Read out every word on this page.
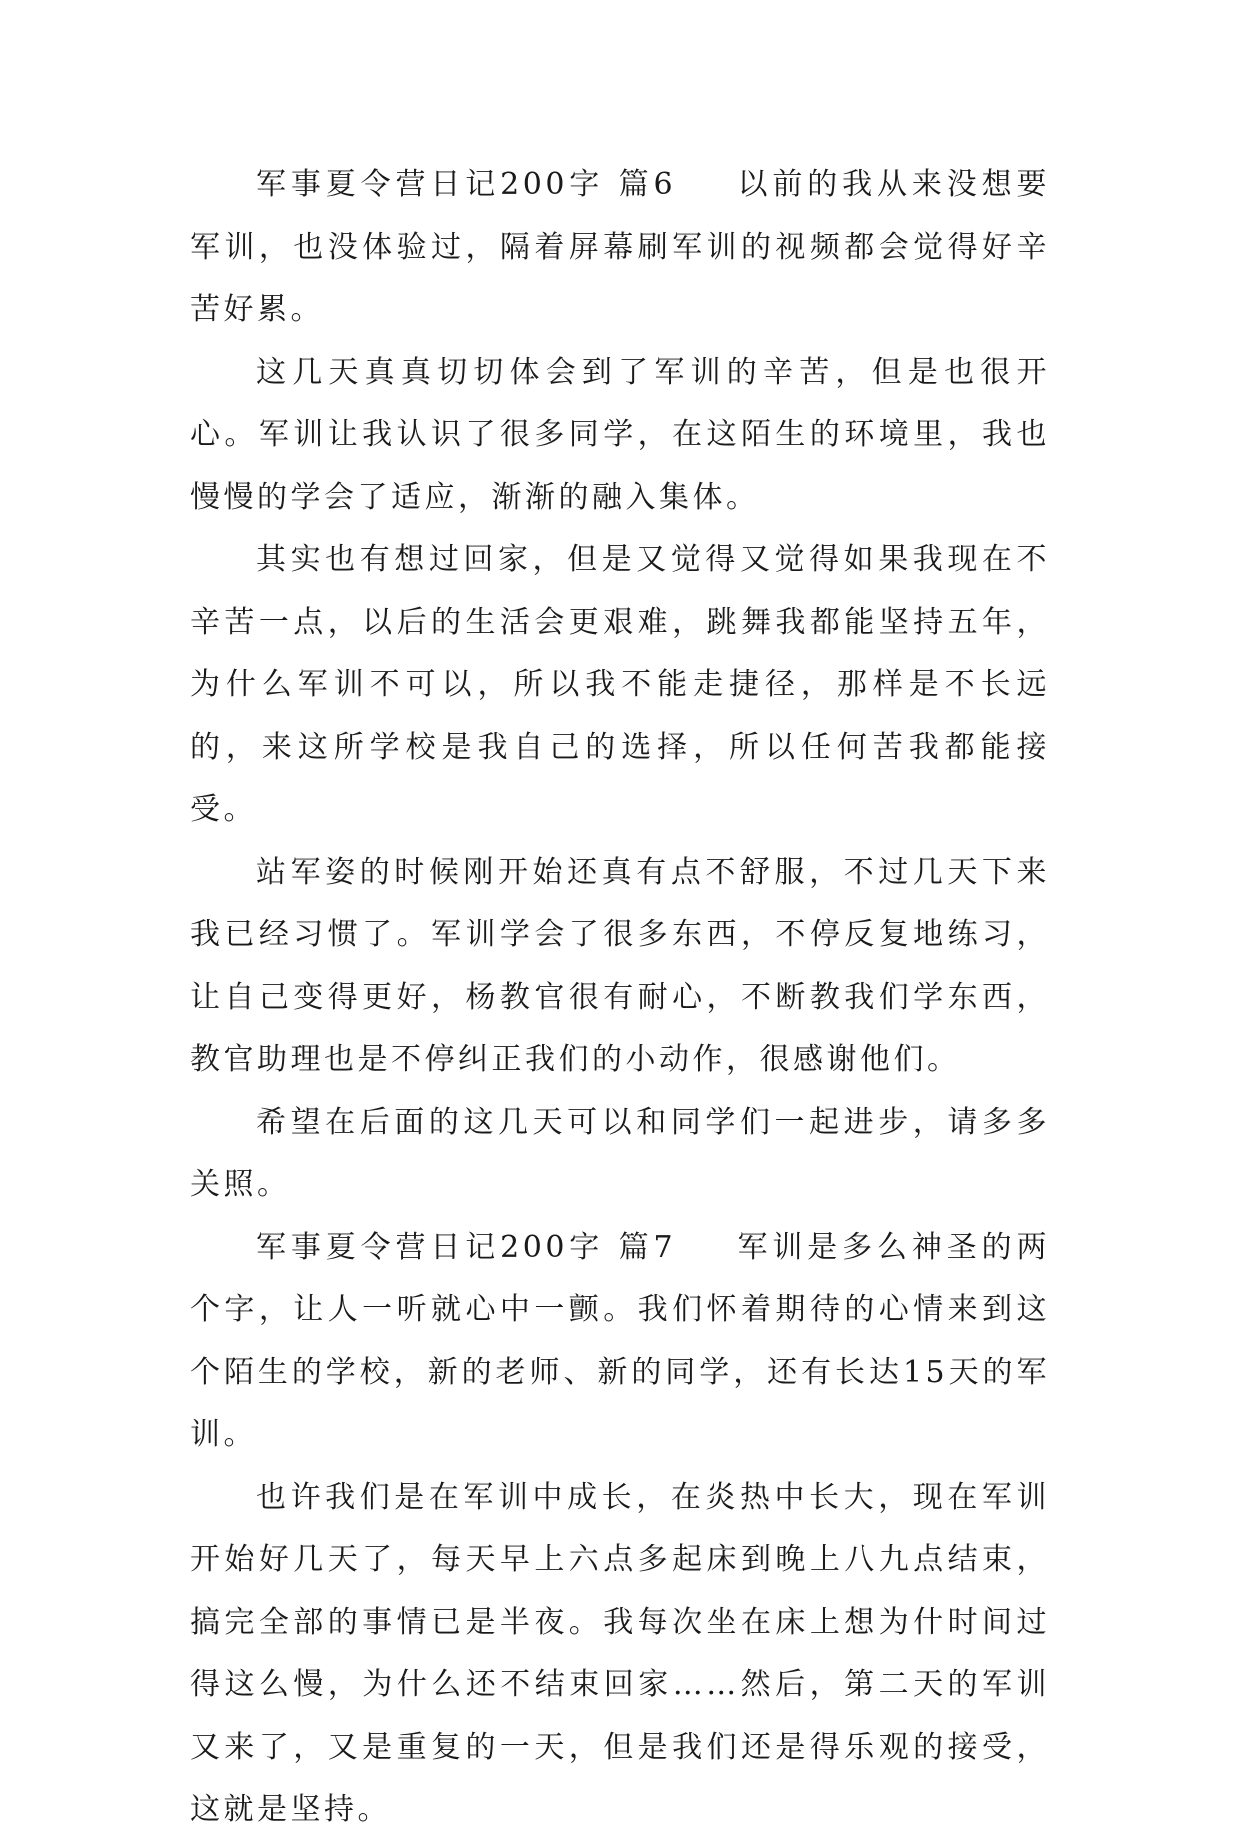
军事夏令营日记200字 篇6 以前的我从来没想要军训，也没体验过，隔着屏幕刷军训的视频都会觉得好辛苦好累。

这几天真真切切体会到了军训的辛苦，但是也很开心。军训让我认识了很多同学，在这陌生的环境里，我也慢慢的学会了适应，渐渐的融入集体。

其实也有想过回家，但是又觉得又觉得如果我现在不辛苦一点，以后的生活会更艰难，跳舞我都能坚持五年，为什么军训不可以，所以我不能走捷径，那样是不长远的，来这所学校是我自己的选择，所以任何苦我都能接受。

站军姿的时候刚开始还真有点不舒服，不过几天下来我已经习惯了。军训学会了很多东西，不停反复地练习，让自己变得更好，杨教官很有耐心，不断教我们学东西，教官助理也是不停纠正我们的小动作，很感谢他们。

希望在后面的这几天可以和同学们一起进步，请多多关照。

军事夏令营日记200字 篇7 军训是多么神圣的两个字，让人一听就心中一颤。我们怀着期待的心情来到这个陌生的学校，新的老师、新的同学，还有长达15天的军训。

也许我们是在军训中成长，在炎热中长大，现在军训开始好几天了，每天早上六点多起床到晚上八九点结束，搞完全部的事情已是半夜。我每次坐在床上想为什时间过得这么慢，为什么还不结束回家……然后，第二天的军训又来了，又是重复的一天，但是我们还是得乐观的接受，这就是坚持。
